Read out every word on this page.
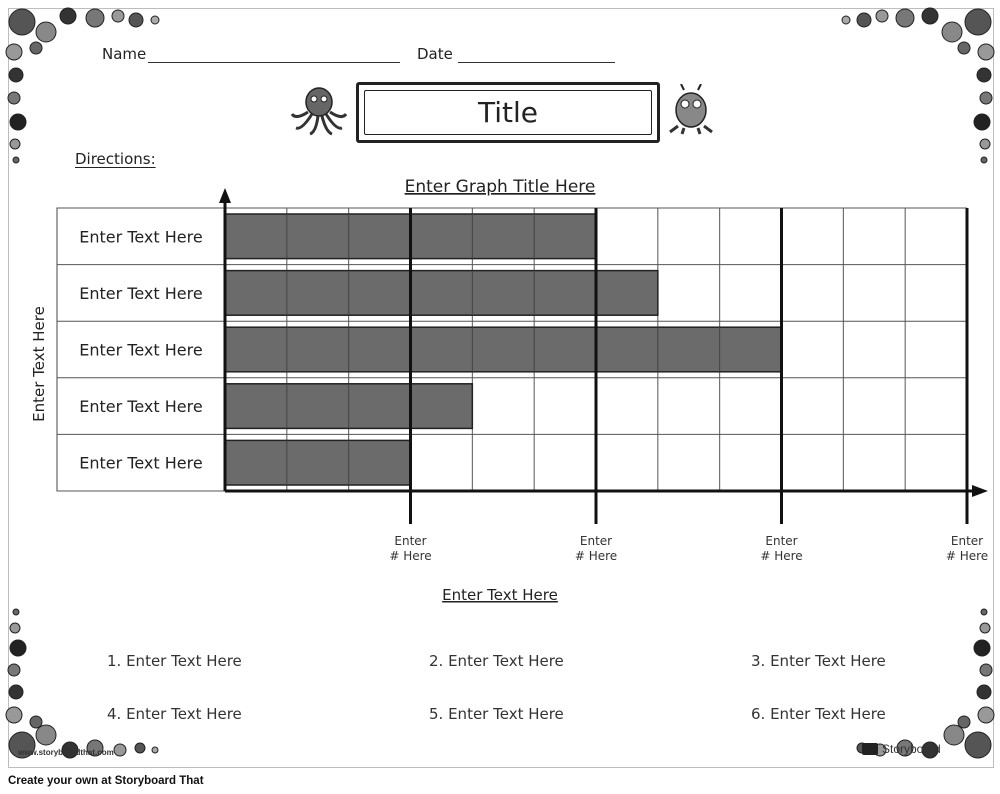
Name	Date
Title
Directions:
Enter Text Here
Enter Text Here
Enter Text Here
Enter Text Here
Enter Text Here
Enter
# Here
Enter
# Here
Enter
# Here
Enter
# Here
Enter Graph Title Here
Enter Text Here
Enter Text Here
1. Enter Text Here	2. Enter Text Here	3. Enter Text Here
4. Enter Text Here	5. Enter Text Here	6. Enter Text Here
www.storyboardthat.com	Storyboard
Create your own at Storyboard That
